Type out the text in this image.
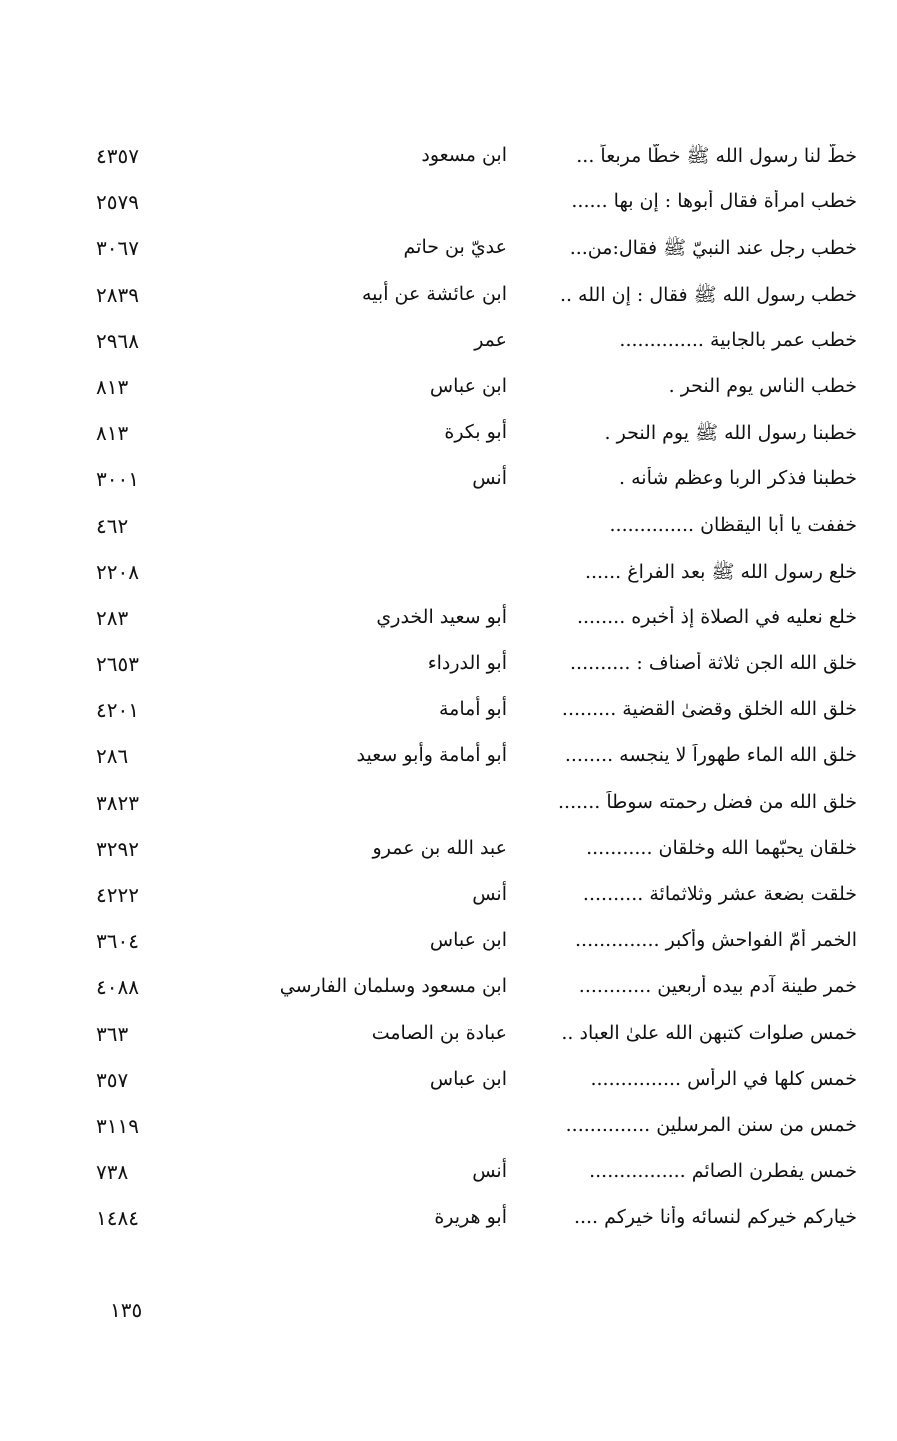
خطّ لنا رسول الله ﷺ خطًّا مربعاً ...
ابن مسعود
٤٣٥٧
خطب امرأة فقال أبوها : إن بها ......
٢٥٧٩
خطب رجل عند النبيّ ﷺ فقال:من...
عديّ بن حاتم
٣٠٦٧
خطب رسول الله ﷺ فقال : إن الله ..
ابن عائشة عن أبيه
٢٨٣٩
خطب عمر بالجابية ..............
عمر
٢٩٦٨
خطب الناس يوم النحر .
ابن عباس
٨١٣
خطبنا رسول الله ﷺ يوم النحر .
أبو بكرة
٨١٣
خطبنا فذكر الربا وعظم شأنه .
أنس
٣٠٠١
خففت يا أبا اليقظان ..............
٤٦٢
خلع رسول الله ﷺ بعد الفراغ ......
٢٢٠٨
خلع نعليه في الصلاة إذ أخبره ........
أبو سعيد الخدري
٢٨٣
خلق الله الجن ثلاثة أصناف : ..........
أبو الدرداء
٢٦٥٣
خلق الله الخلق وقضىٰ القضية .........
أبو أمامة
٤٢٠١
خلق الله الماء طهوراً لا ينجسه ........
أبو أمامة وأبو سعيد
٢٨٦
خلق الله من فضل رحمته سوطاً .......
٣٨٢٣
خلقان يحبّهما الله وخلقان ...........
عبد الله بن عمرو
٣٢٩٢
خلقت بضعة عشر وثلاثمائة ..........
أنس
٤٢٢٢
الخمر أمّ الفواحش وأكبر ..............
ابن عباس
٣٦٠٤
خمر طينة آدم بيده أربعين ............
ابن مسعود وسلمان الفارسي
٤٠٨٨
خمس صلوات كتبهن الله علىٰ العباد ..
عبادة بن الصامت
٣٦٣
خمس كلها في الرأس ...............
ابن عباس
٣٥٧
خمس من سنن المرسلين ..............
٣١١٩
خمس يفطرن الصائم ................
أنس
٧٣٨
خياركم خيركم لنسائه وأنا خيركم ....
أبو هريرة
١٤٨٤
١٣٥
